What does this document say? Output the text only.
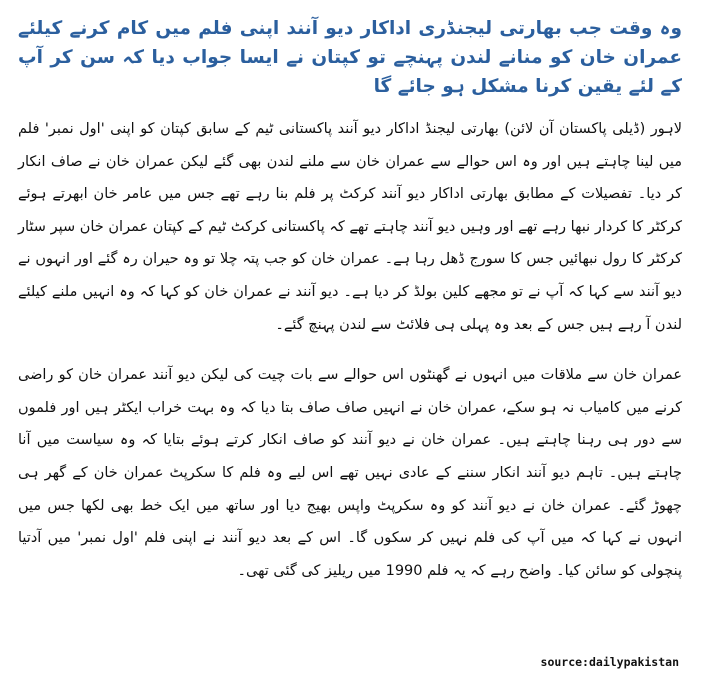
وہ وقت جب بھارتی لیجنڈری اداکار دیو آنند اپنی فلم میں کام کرنے کیلئے عمران خان کو منانے لندن پہنچے تو کپتان نے ایسا جواب دیا کہ سن کر آپ کے لئے یقین کرنا مشکل ہو جائے گا

لاہور (ڈیلی پاکستان آن لائن) بھارتی لیجنڈ اداکار دیو آنند پاکستانی ٹیم کے سابق کپتان کو اپنی 'اول نمبر' فلم میں لینا چاہتے ہیں اور وہ اس حوالے سے عمران خان سے ملنے لندن بھی گئے لیکن عمران خان نے صاف انکار کر دیا۔ تفصیلات کے مطابق بھارتی اداکار دیو آنند کرکٹ پر فلم بنا رہے تھے جس میں عامر خان ابھرتے ہوئے کرکٹر کا کردار نبھا رہے تھے اور وہیں دیو آنند چاہتے تھے کہ پاکستانی کرکٹ ٹیم کے کپتان عمران خان سپر سٹار کرکٹر کا رول نبھائیں جس کا سورج ڈھل رہا ہے۔ عمران خان کو جب پتہ چلا تو وہ حیران رہ گئے اور انہوں نے دیو آنند سے کہا کہ آپ نے تو مجھے کلین بولڈ کر دیا ہے۔ دیو آنند نے عمران خان کو کہا کہ وہ انہیں ملنے کیلئے لندن آ رہے ہیں جس کے بعد وہ پہلی ہی فلائٹ سے لندن پہنچ گئے۔

عمران خان سے ملاقات میں انہوں نے گھنٹوں اس حوالے سے بات چیت کی لیکن دیو آنند عمران خان کو راضی کرنے میں کامیاب نہ ہو سکے، عمران خان نے انہیں صاف صاف بتا دیا کہ وہ بہت خراب ایکٹر ہیں اور فلموں سے دور ہی رہنا چاہتے ہیں۔ عمران خان نے دیو آنند کو صاف انکار کرتے ہوئے بتایا کہ وہ سیاست میں آنا چاہتے ہیں۔ تاہم دیو آنند انکار سننے کے عادی نہیں تھے اس لیے وہ فلم کا سکرپٹ عمران خان کے گھر ہی چھوڑ گئے۔ عمران خان نے دیو آنند کو وہ سکرپٹ واپس بھیج دیا اور ساتھ میں ایک خط بھی لکھا جس میں انہوں نے کہا کہ میں آپ کی فلم نہیں کر سکوں گا۔ اس کے بعد دیو آنند نے اپنی فلم 'اول نمبر' میں آدتیا پنچولی کو سائن کیا۔ واضح رہے کہ یہ فلم 1990 میں ریلیز کی گئی تھی۔

source:dailypakistan
